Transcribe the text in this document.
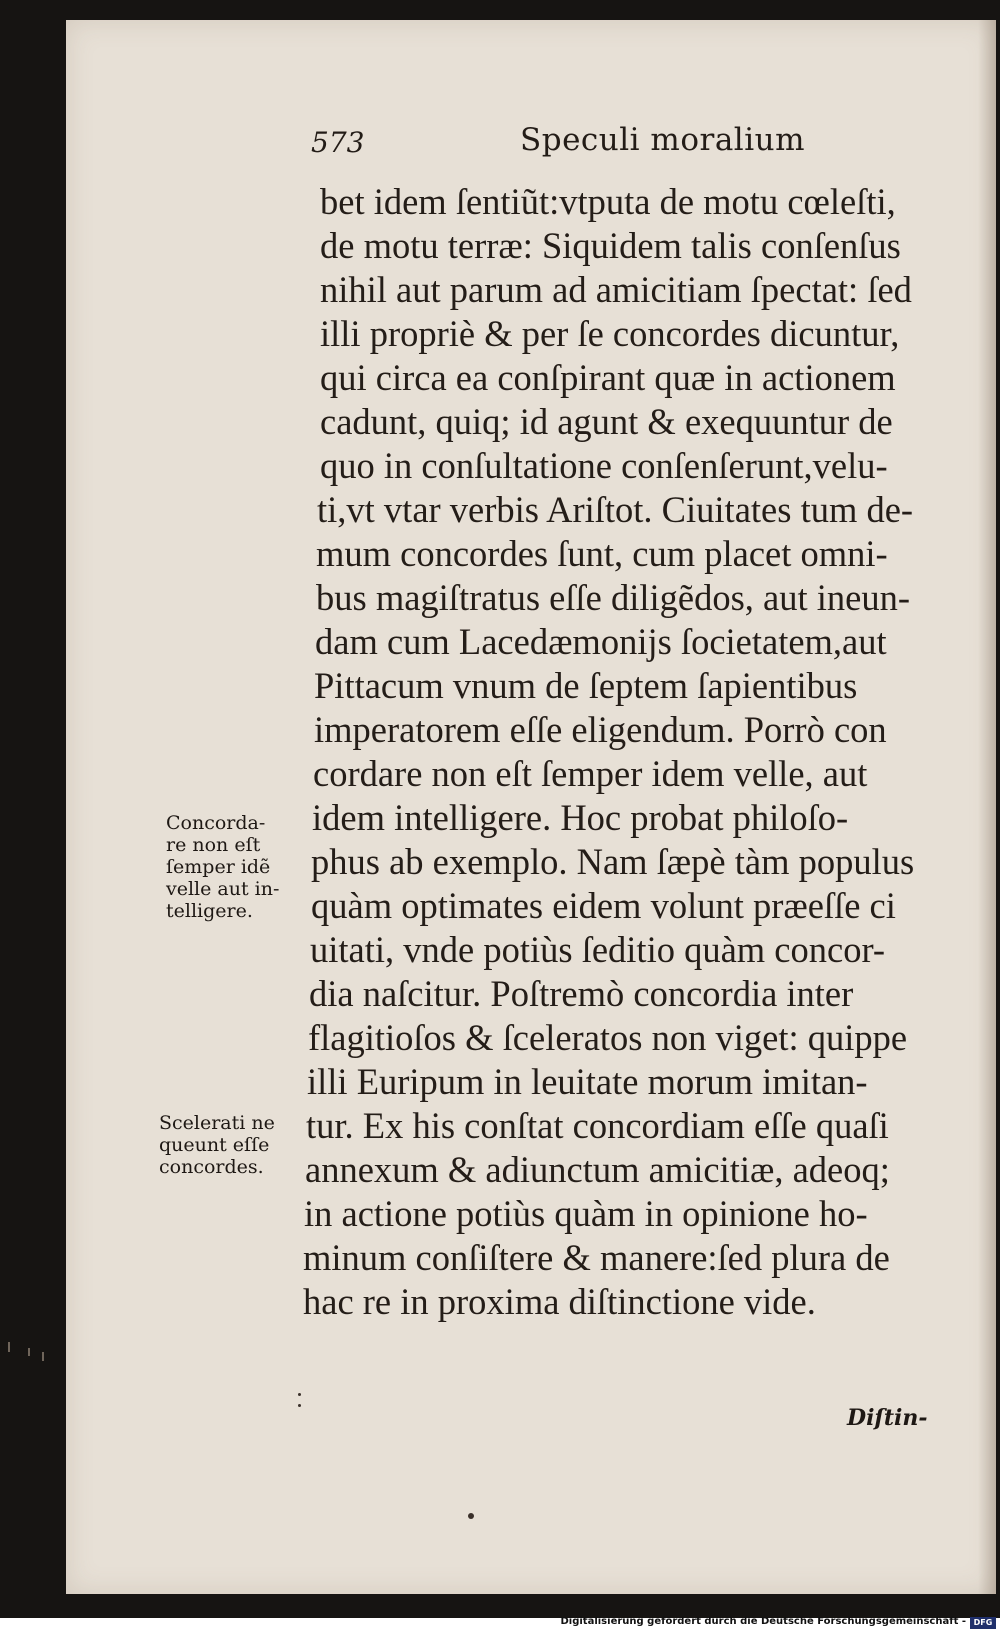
573	Speculi moralium
bet idem ſentiũt:vtputa de motu cœleſti,
de motu terræ: Siquidem talis conſenſus
nihil aut parum ad amicitiam ſpectat: ſed
illi propriè & per ſe concordes dicuntur,
qui circa ea conſpirant quæ in actionem
cadunt, quiq; id agunt & exequuntur de
quo in conſultatione conſenſerunt,velu-
ti,vt vtar verbis Ariſtot. Ciuitates tum de-
mum concordes ſunt, cum placet omni-
bus magiſtratus eſſe diligẽdos, aut ineun-
dam cum Lacedæmonijs ſocietatem,aut
Pittacum vnum de ſeptem ſapientibus
imperatorem eſſe eligendum. Porrò con
cordare non eſt ſemper idem velle, aut
idem intelligere. Hoc probat philoſo-
phus ab exemplo. Nam ſæpè tàm populus
quàm optimates eidem volunt præeſſe ci
uitati, vnde potiùs ſeditio quàm concor-
dia naſcitur. Poſtremò concordia inter
flagitioſos & ſceleratos non viget: quippe
illi Euripum in leuitate morum imitan-
tur. Ex his conſtat concordiam eſſe quaſi
annexum & adiunctum amicitiæ, adeoq;
in actione potiùs quàm in opinione ho-
minum conſiſtere & manere:ſed plura de
hac re in proxima diſtinctione vide.
Concorda-
re non eſt
ſemper idẽ
velle aut in-
telligere.
Scelerati ne
queunt eſſe
concordes.
Diſtin-
Digitalisierung gefördert durch die Deutsche Forschungsgemeinschaft - DFG
